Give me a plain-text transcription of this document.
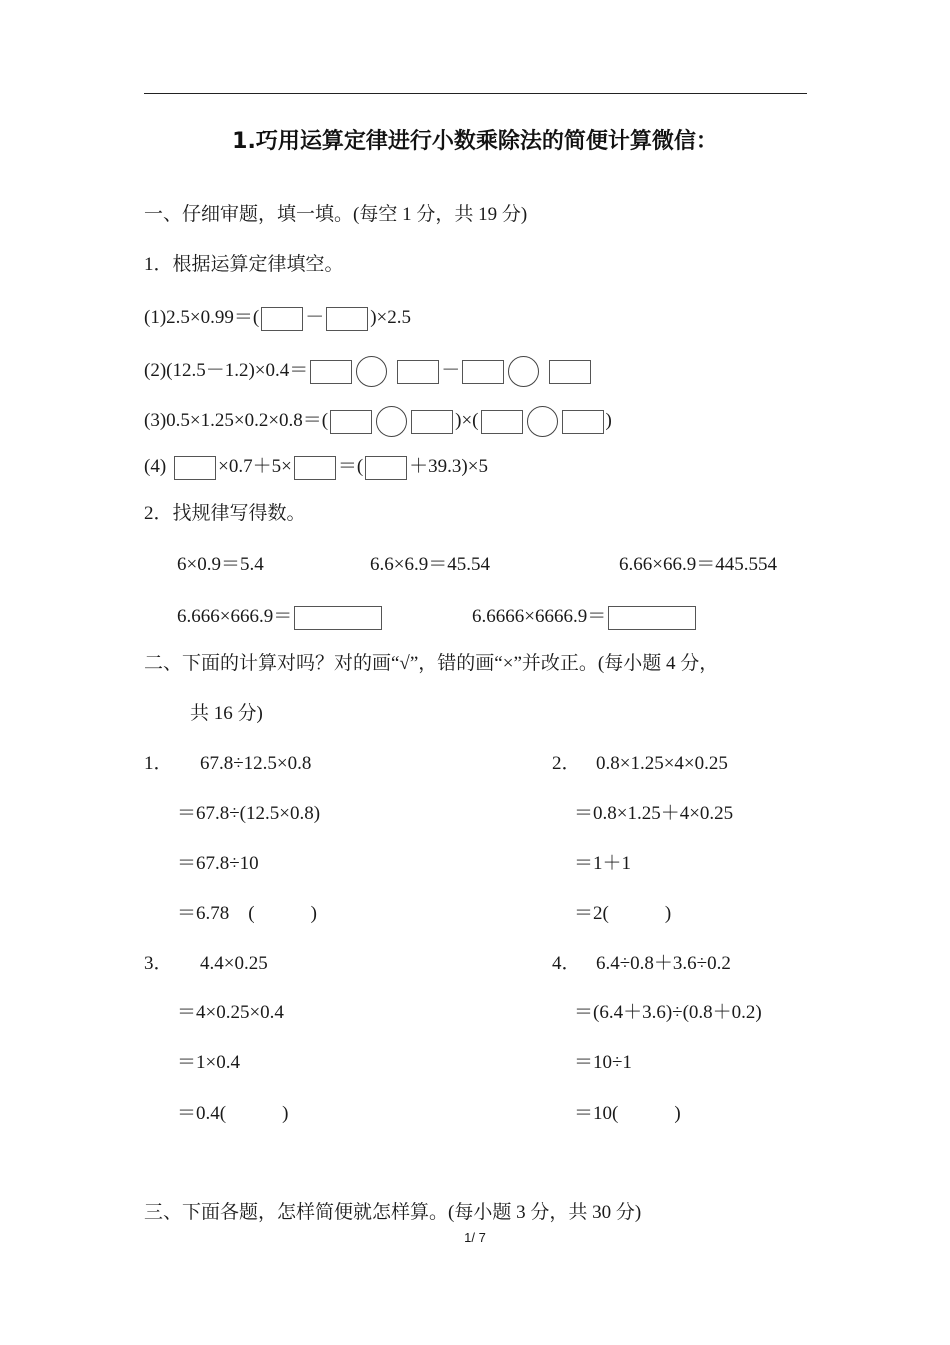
1.巧用运算定律进行小数乘除法的简便计算微信：
一、仔细审题，填一填。(每空 1 分，共 19 分)
1．根据运算定律填空。
(1)2.5×0.99＝( － )×2.5
(2)(12.5－1.2)×0.4＝	－
(3)0.5×1.25×0.2×0.8＝(	)×(	)
(4)	×0.7＋5× ＝( ＋39.3)×5
2．找规律写得数。
6×0.9＝5.4	6.6×6.9＝45.54	6.66×66.9＝445.554
6.666×666.9＝	6.6666×6666.9＝
二、下面的计算对吗？对的画“√”，错的画“×”并改正。(每小题 4 分，
共 16 分)
1． 67.8÷12.5×0.8
＝67.8÷(12.5×0.8)
＝67.8÷10
＝6.78　(	)
2． 0.8×1.25×4×0.25
＝0.8×1.25＋4×0.25
＝1＋1
＝2(	)
3． 4.4×0.25
＝4×0.25×0.4
＝1×0.4
＝0.4(	)
4． 6.4÷0.8＋3.6÷0.2
＝(6.4＋3.6)÷(0.8＋0.2)
＝10÷1
＝10(	)
三、下面各题，怎样简便就怎样算。(每小题 3 分，共 30 分)
1/ 7
